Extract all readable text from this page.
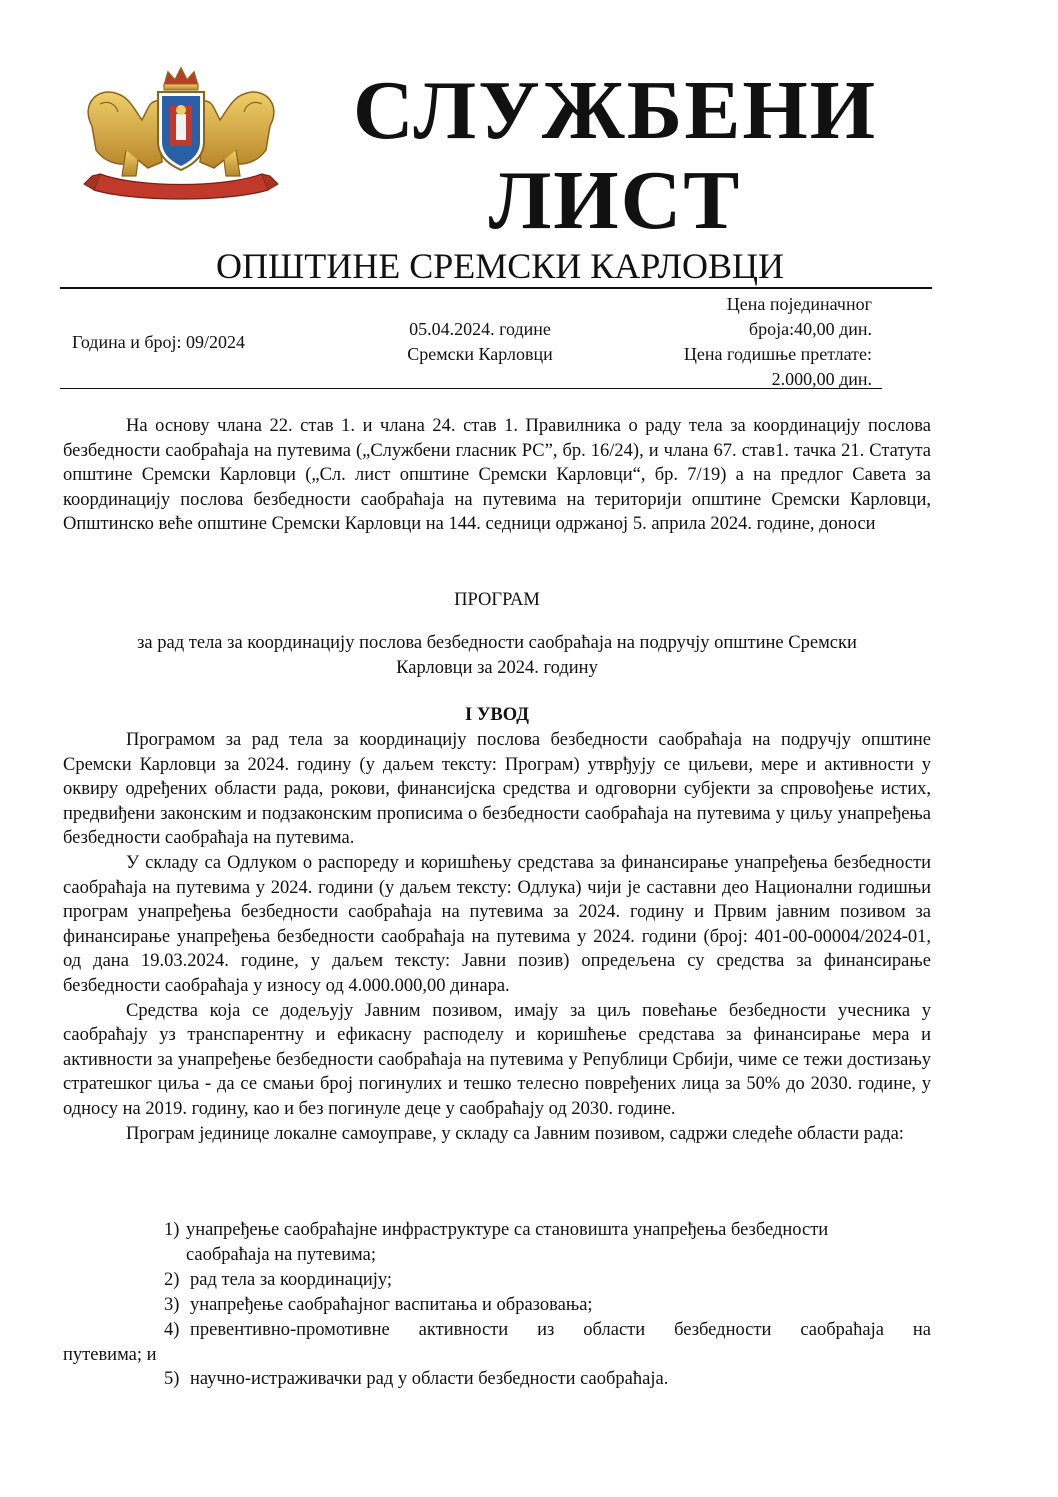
СЛУЖБЕНИ
ЛИСТ
ОПШТИНЕ СРЕМСКИ КАРЛОВЦИ
Година и број: 09/2024
05.04.2024. године
Сремски Карловци
Цена појединачног
броја:40,00 дин.
Цена годишње претлате:
2.000,00 дин.

На основу члана 22. став 1. и члана 24. став 1. Правилника о раду тела за координацију послова безбедности саобраћаја на путевима („Службени гласник РС”, бр. 16/24), и члана 67. став1. тачка 21. Статута општине Сремски Карловци („Сл. лист општине Сремски Карловци“, бр. 7/19) а на предлог Савета за координацију послова безбедности саобраћаја на путевима на територији општине Сремски Карловци, Општинско веће општине Сремски Карловци на 144. седници одржаној 5. априла 2024. године, доноси

ПРОГРАМ

за рад тела за координацију послова безбедности саобраћаја на подручју општине Сремски

Карловци за 2024. годину

I УВОД

Програмом за рад тела за координацију послова безбедности саобраћаја на подручју општине Сремски Карловци за 2024. годину (у даљем тексту: Програм) утврђују се циљеви, мере и активности у оквиру одређених области рада, рокови, финансијска средства и одговорни субјекти за спровођење истих, предвиђени законским и подзаконским прописима о безбедности саобраћаја на путевима у циљу унапређења безбедности саобраћаја на путевима.

У складу са Одлуком о распореду и коришћењу средстава за финансирање унапређења безбедности саобраћаја на путевима у 2024. години (у даљем тексту: Одлука) чији је саставни део Национални годишњи програм унапређења безбедности саобраћаја на путевима за 2024. годину и Првим јавним позивом за финансирање унапређења безбедности саобраћаја на путевима у 2024. години (број: 401-00-00004/2024-01, од дана 19.03.2024. године, у даљем тексту: Јавни позив) опредељена су средства за финансирање безбедности саобраћаја у износу од 4.000.000,00 динара.

Средства која се додељују Јавним позивом, имају за циљ повећање безбедности учесника у саобраћају уз транспарентну и ефикасну расподелу и коришћење средстава за финансирање мера и активности за унапређење безбедности саобраћаја на путевима у Републици Србији, чиме се тежи достизању стратешког циља - да се смањи број погинулих и тешко телесно повређених лица за 50% до 2030. године, у односу на 2019. годину, као и без погинуле деце у саобраћају од 2030. године.

Програм јединице локалне самоуправе, у складу са Јавним позивом, садржи следеће области рада:

1) унапређење саобраћајне инфраструктуре са становишта унапређења безбедности
саобраћаја на путевима;
2) рад тела за координацију;
3) унапређење саобраћајног васпитања и образовања;
4) превентивно-промотивне активности из области безбедности саобраћаја на
путевима; и
5) научно-истраживачки рад у области безбедности саобраћаја.
